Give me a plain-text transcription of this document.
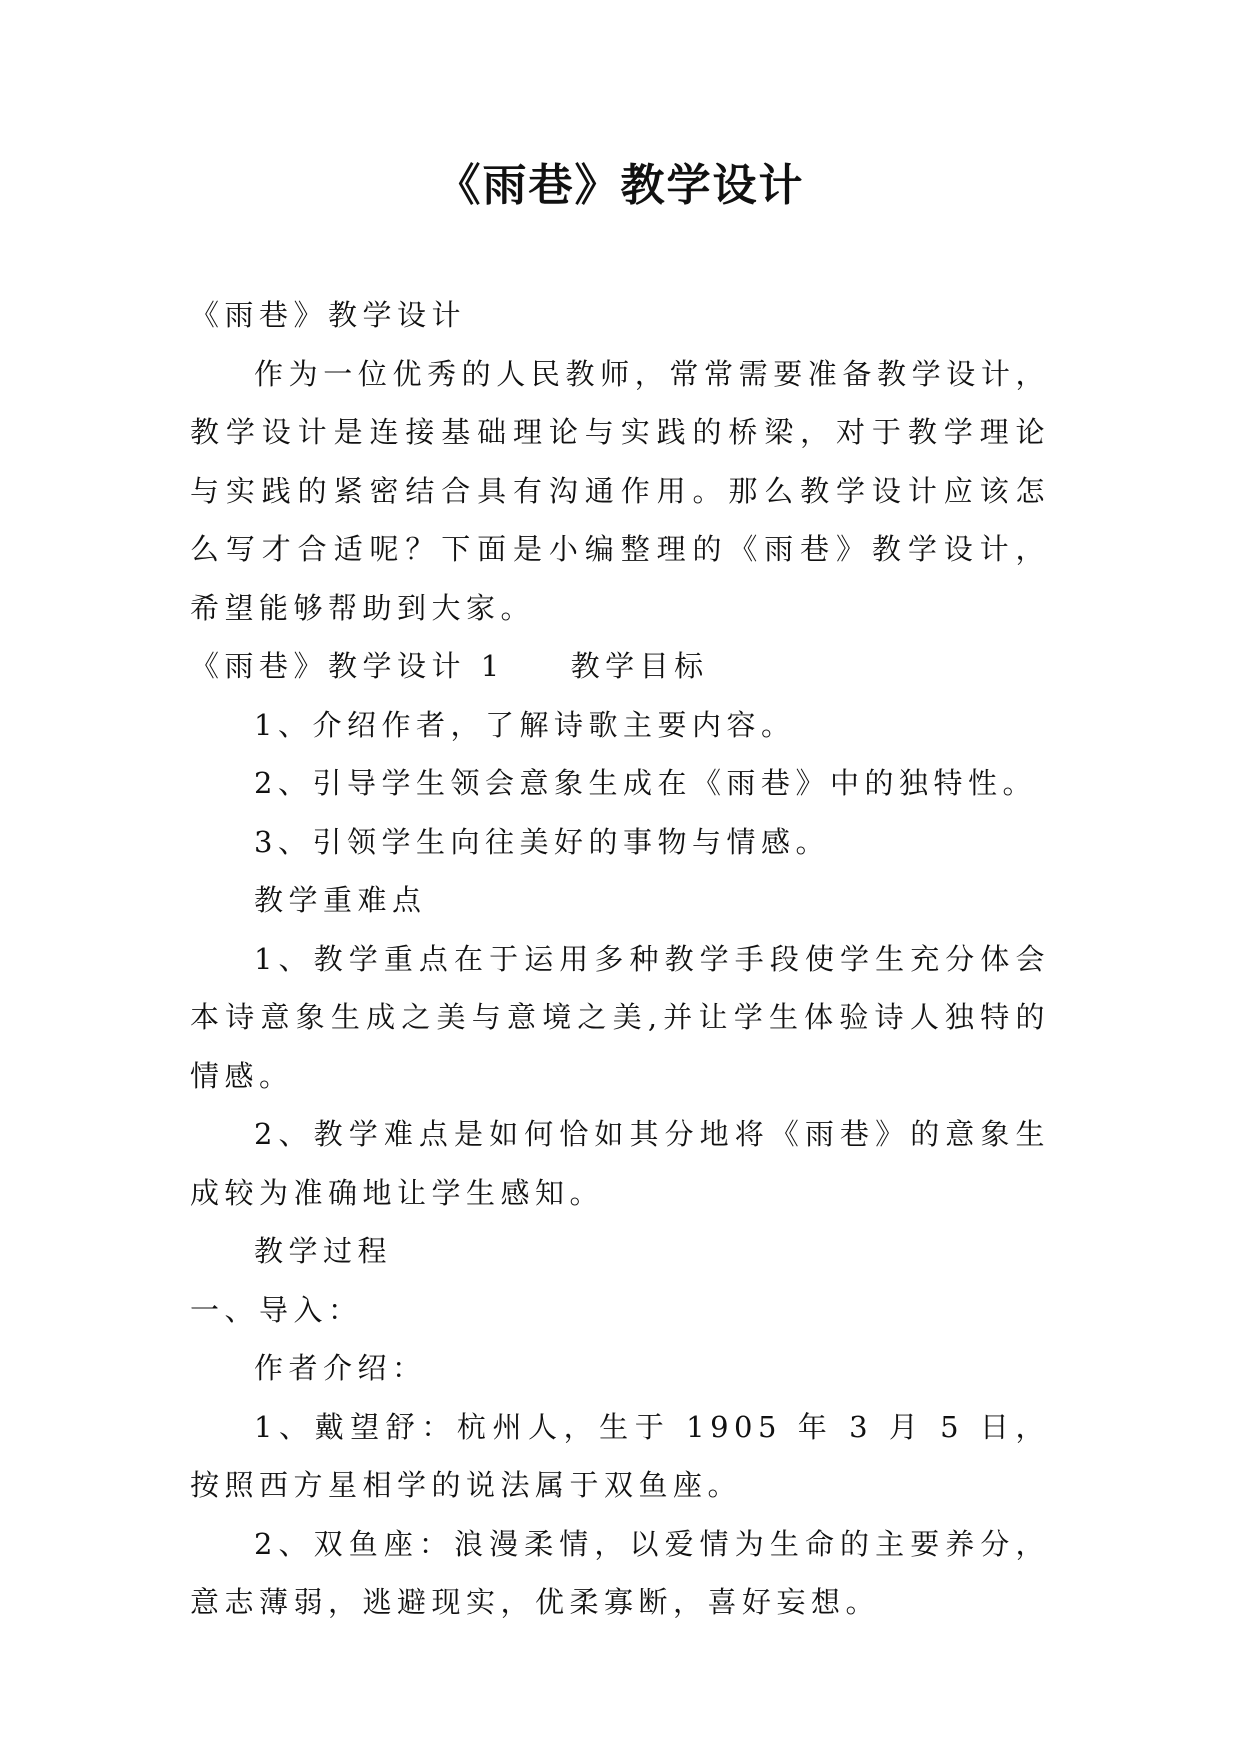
《雨巷》教学设计

《雨巷》教学设计

作为一位优秀的人民教师，常常需要准备教学设计，教学设计是连接基础理论与实践的桥梁，对于教学理论与实践的紧密结合具有沟通作用。那么教学设计应该怎么写才合适呢？下面是小编整理的《雨巷》教学设计，希望能够帮助到大家。

《雨巷》教学设计 1 教学目标

1、介绍作者，了解诗歌主要内容。

2、引导学生领会意象生成在《雨巷》中的独特性。

3、引领学生向往美好的事物与情感。

教学重难点

1、教学重点在于运用多种教学手段使学生充分体会本诗意象生成之美与意境之美,并让学生体验诗人独特的情感。

2、教学难点是如何恰如其分地将《雨巷》的意象生成较为准确地让学生感知。

教学过程

一、导入：

作者介绍：

1、戴望舒：杭州人，生于 1905 年 3 月 5 日，按照西方星相学的说法属于双鱼座。

2、双鱼座：浪漫柔情，以爱情为生命的主要养分，意志薄弱，逃避现实，优柔寡断，喜好妄想。
